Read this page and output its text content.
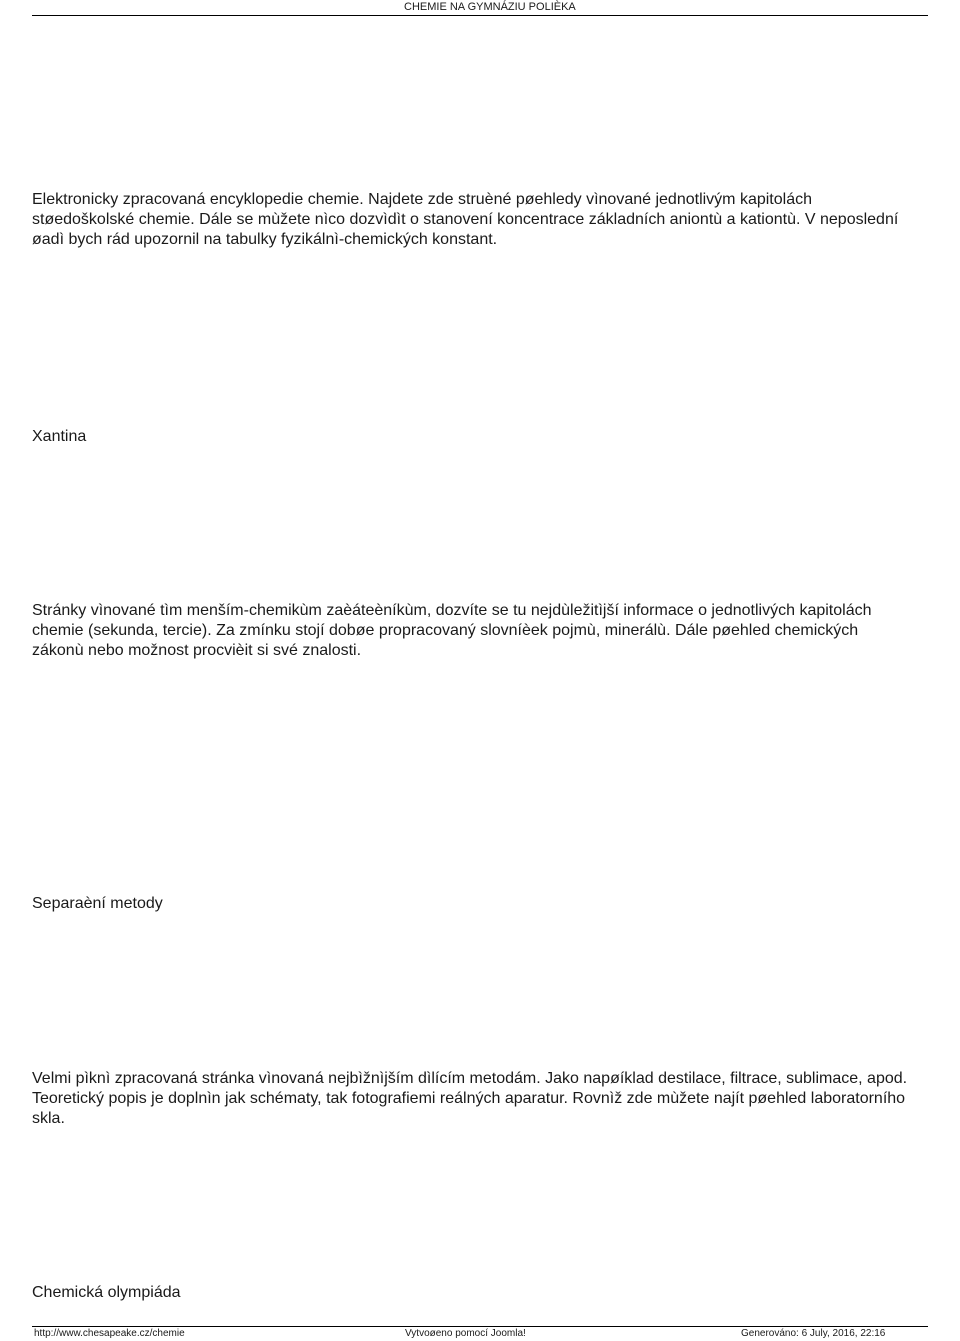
CHEMIE NA GYMNÁZIU POLIÈKA

Elektronicky zpracovaná encyklopedie chemie. Najdete zde struèné pøehledy vìnované jednotlivým kapitolách

støedoškolské chemie. Dále se mùžete nìco dozvìdìt o stanovení koncentrace základních aniontù a kationtù. V neposlední

øadì bych rád upozornil na tabulky fyzikálnì-chemických konstant.

Xantina

Stránky vìnované tìm menším-chemikùm zaèáteèníkùm, dozvíte se tu nejdùležitìjší informace o jednotlivých kapitolách

chemie (sekunda, tercie). Za zmínku stojí dobøe propracovaný slovníèek pojmù, minerálù. Dále pøehled chemických

zákonù nebo možnost procvièit si své znalosti.

Separaèní metody

Velmi pìknì zpracovaná stránka vìnovaná nejbìžnìjším dìlícím metodám. Jako napøíklad destilace, filtrace, sublimace, apod.

Teoretický popis je doplnìn jak schématy, tak fotografiemi reálných aparatur. Rovnìž zde mùžete najít pøehled laboratorního

skla.

Chemická olympiáda
http://www.chesapeake.cz/chemie	Vytvoøeno pomocí Joomla!	Generováno: 6 July, 2016, 22:16
